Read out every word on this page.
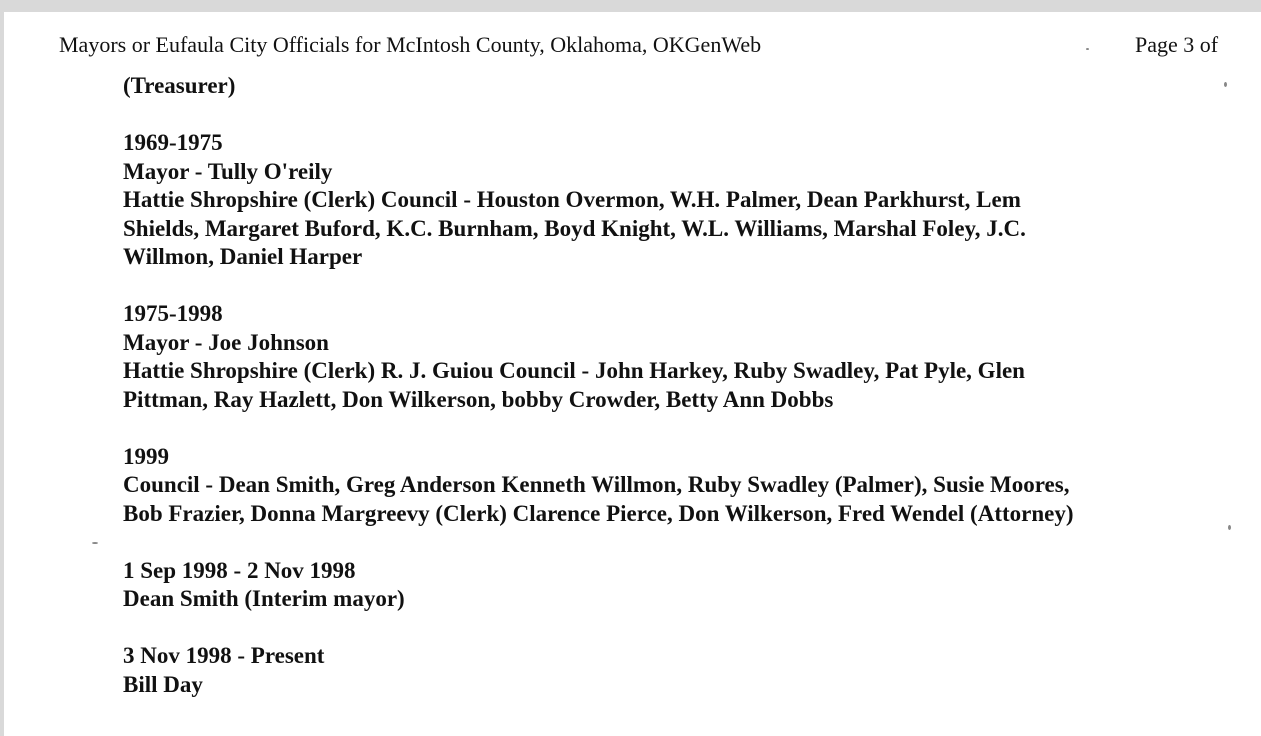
Mayors or Eufaula City Officials for McIntosh County, Oklahoma, OKGenWeb	Page 3 of
(Treasurer)
1969-1975
Mayor - Tully O'reily
Hattie Shropshire (Clerk) Council - Houston Overmon, W.H. Palmer, Dean Parkhurst, Lem
Shields, Margaret Buford, K.C. Burnham, Boyd Knight, W.L. Williams, Marshal Foley, J.C.
Willmon, Daniel Harper
1975-1998
Mayor - Joe Johnson
Hattie Shropshire (Clerk) R. J. Guiou Council - John Harkey, Ruby Swadley, Pat Pyle, Glen
Pittman, Ray Hazlett, Don Wilkerson, bobby Crowder, Betty Ann Dobbs
1999
Council - Dean Smith, Greg Anderson Kenneth Willmon, Ruby Swadley (Palmer), Susie Moores,
Bob Frazier, Donna Margreevy (Clerk) Clarence Pierce, Don Wilkerson, Fred Wendel (Attorney)
1 Sep 1998 - 2 Nov 1998
Dean Smith (Interim mayor)
3 Nov 1998 - Present
Bill Day
